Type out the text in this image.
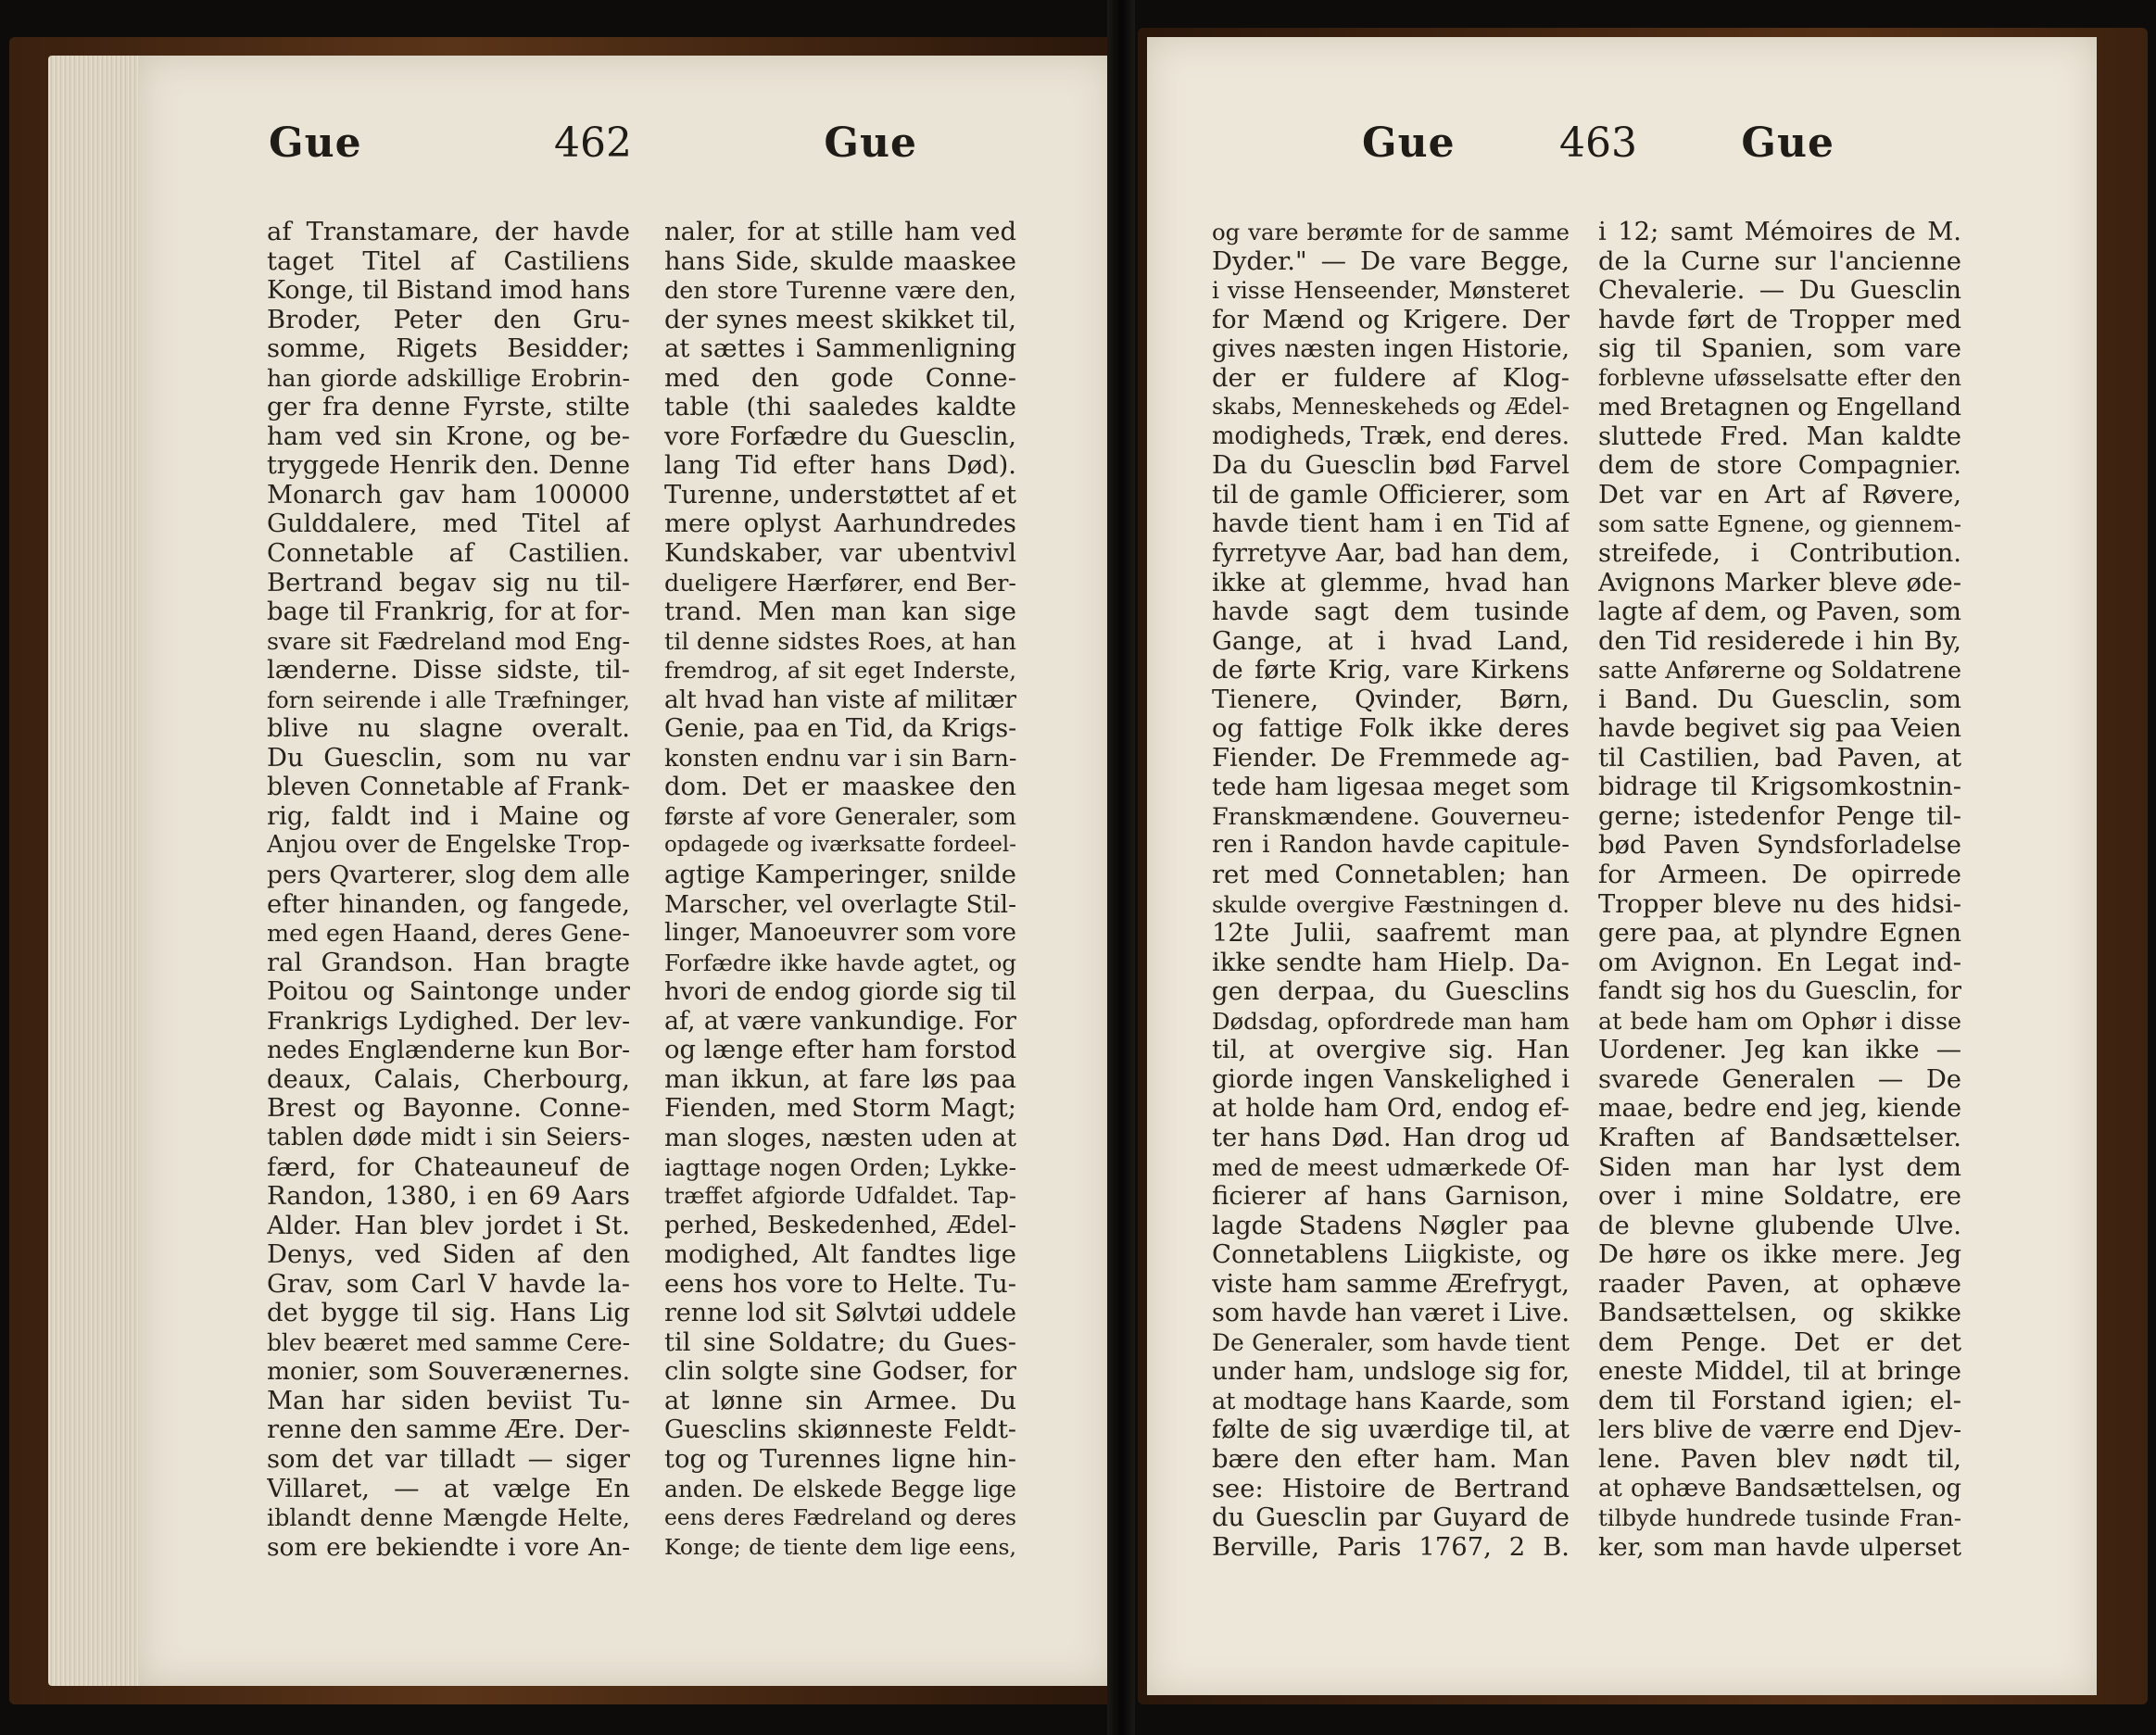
Gue	462	Gue	Gue	463	Gue
af Transtamare, der havde
taget Titel af Castiliens
Konge, til Bistand imod hans
Broder, Peter den Gru-
somme, Rigets Besidder;
han giorde adskillige Erobrin-
ger fra denne Fyrste, stilte
ham ved sin Krone, og be-
tryggede Henrik den. Denne
Monarch gav ham 100000
Gulddalere, med Titel af
Connetable af Castilien.
Bertrand begav sig nu til-
bage til Frankrig, for at for-
svare sit Fædreland mod Eng-
lænderne. Disse sidste, til-
forn seirende i alle Træfninger,
blive nu slagne overalt.
Du Guesclin, som nu var
bleven Connetable af Frank-
rig, faldt ind i Maine og
Anjou over de Engelske Trop-
pers Qvarterer, slog dem alle
efter hinanden, og fangede,
med egen Haand, deres Gene-
ral Grandson. Han bragte
Poitou og Saintonge under
Frankrigs Lydighed. Der lev-
nedes Englænderne kun Bor-
deaux, Calais, Cherbourg,
Brest og Bayonne. Conne-
tablen døde midt i sin Seiers-
færd, for Chateauneuf de
Randon, 1380, i en 69 Aars
Alder. Han blev jordet i St.
Denys, ved Siden af den
Grav, som Carl V havde la-
det bygge til sig. Hans Lig
blev beæret med samme Cere-
monier, som Souverænernes.
Man har siden beviist Tu-
renne den samme Ære. Der-
som det var tilladt — siger
Villaret, — at vælge En
iblandt denne Mængde Helte,
som ere bekiendte i vore An-
naler, for at stille ham ved
hans Side, skulde maaskee
den store Turenne være den,
der synes meest skikket til,
at sættes i Sammenligning
med den gode Conne-
table (thi saaledes kaldte
vore Forfædre du Guesclin,
lang Tid efter hans Død).
Turenne, understøttet af et
mere oplyst Aarhundredes
Kundskaber, var ubentvivl
dueligere Hærfører, end Ber-
trand. Men man kan sige
til denne sidstes Roes, at han
fremdrog, af sit eget Inderste,
alt hvad han viste af militær
Genie, paa en Tid, da Krigs-
konsten endnu var i sin Barn-
dom. Det er maaskee den
første af vore Generaler, som
opdagede og iværksatte fordeel-
agtige Kamperinger, snilde
Marscher, vel overlagte Stil-
linger, Manoeuvrer som vore
Forfædre ikke havde agtet, og
hvori de endog giorde sig til
af, at være vankundige. For
og længe efter ham forstod
man ikkun, at fare løs paa
Fienden, med Storm Magt;
man sloges, næsten uden at
iagttage nogen Orden; Lykke-
træffet afgiorde Udfaldet. Tap-
perhed, Beskedenhed, Ædel-
modighed, Alt fandtes lige
eens hos vore to Helte. Tu-
renne lod sit Sølvtøi uddele
til sine Soldatre; du Gues-
clin solgte sine Godser, for
at lønne sin Armee. Du
Guesclins skiønneste Feldt-
tog og Turennes ligne hin-
anden. De elskede Begge lige
eens deres Fædreland og deres
Konge; de tiente dem lige eens,
og vare berømte for de samme
Dyder." — De vare Begge,
i visse Henseender, Mønsteret
for Mænd og Krigere. Der
gives næsten ingen Historie,
der er fuldere af Klog-
skabs, Menneskeheds og Ædel-
modigheds, Træk, end deres.
Da du Guesclin bød Farvel
til de gamle Officierer, som
havde tient ham i en Tid af
fyrretyve Aar, bad han dem,
ikke at glemme, hvad han
havde sagt dem tusinde
Gange, at i hvad Land,
de førte Krig, vare Kirkens
Tienere, Qvinder, Børn,
og fattige Folk ikke deres
Fiender. De Fremmede ag-
tede ham ligesaa meget som
Franskmændene. Gouverneu-
ren i Randon havde capitule-
ret med Connetablen; han
skulde overgive Fæstningen d.
12te Julii, saafremt man
ikke sendte ham Hielp. Da-
gen derpaa, du Guesclins
Dødsdag, opfordrede man ham
til, at overgive sig. Han
giorde ingen Vanskelighed i
at holde ham Ord, endog ef-
ter hans Død. Han drog ud
med de meest udmærkede Of-
ficierer af hans Garnison,
lagde Stadens Nøgler paa
Connetablens Liigkiste, og
viste ham samme Ærefrygt,
som havde han været i Live.
De Generaler, som havde tient
under ham, undsloge sig for,
at modtage hans Kaarde, som
følte de sig uværdige til, at
bære den efter ham. Man
see: Histoire de Bertrand
du Guesclin par Guyard de
Berville, Paris 1767, 2 B.
i 12; samt Mémoires de M.
de la Curne sur l'ancienne
Chevalerie. — Du Guesclin
havde ført de Tropper med
sig til Spanien, som vare
forblevne uføsselsatte efter den
med Bretagnen og Engelland
sluttede Fred. Man kaldte
dem de store Compagnier.
Det var en Art af Røvere,
som satte Egnene, og giennem-
streifede, i Contribution.
Avignons Marker bleve øde-
lagte af dem, og Paven, som
den Tid residerede i hin By,
satte Anførerne og Soldatrene
i Band. Du Guesclin, som
havde begivet sig paa Veien
til Castilien, bad Paven, at
bidrage til Krigsomkostnin-
gerne; istedenfor Penge til-
bød Paven Syndsforladelse
for Armeen. De opirrede
Tropper bleve nu des hidsi-
gere paa, at plyndre Egnen
om Avignon. En Legat ind-
fandt sig hos du Guesclin, for
at bede ham om Ophør i disse
Uordener. Jeg kan ikke —
svarede Generalen — De
maae, bedre end jeg, kiende
Kraften af Bandsættelser.
Siden man har lyst dem
over i mine Soldatre, ere
de blevne glubende Ulve.
De høre os ikke mere. Jeg
raader Paven, at ophæve
Bandsættelsen, og skikke
dem Penge. Det er det
eneste Middel, til at bringe
dem til Forstand igien; el-
lers blive de værre end Djev-
lene. Paven blev nødt til,
at ophæve Bandsættelsen, og
tilbyde hundrede tusinde Fran-
ker, som man havde ulperset
